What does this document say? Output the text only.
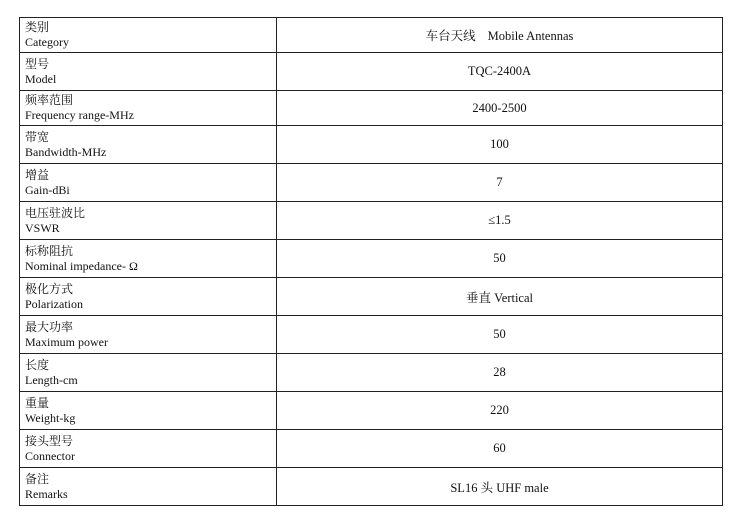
类别
Category	车台天线 Mobile Antennas

型号
Model	TQC-2400A

频率范围
Frequency range-MHz	2400-2500

带宽
Bandwidth-MHz	100

增益
Gain-dBi	7

电压驻波比
VSWR	≤1.5

标称阻抗
Nominal impedance- Ω	50

极化方式
Polarization	垂直 Vertical

最大功率
Maximum power	50

长度
Length-cm	28

重量
Weight-kg	220

接头型号
Connector	60

备注
Remarks	SL16 头 UHF male
